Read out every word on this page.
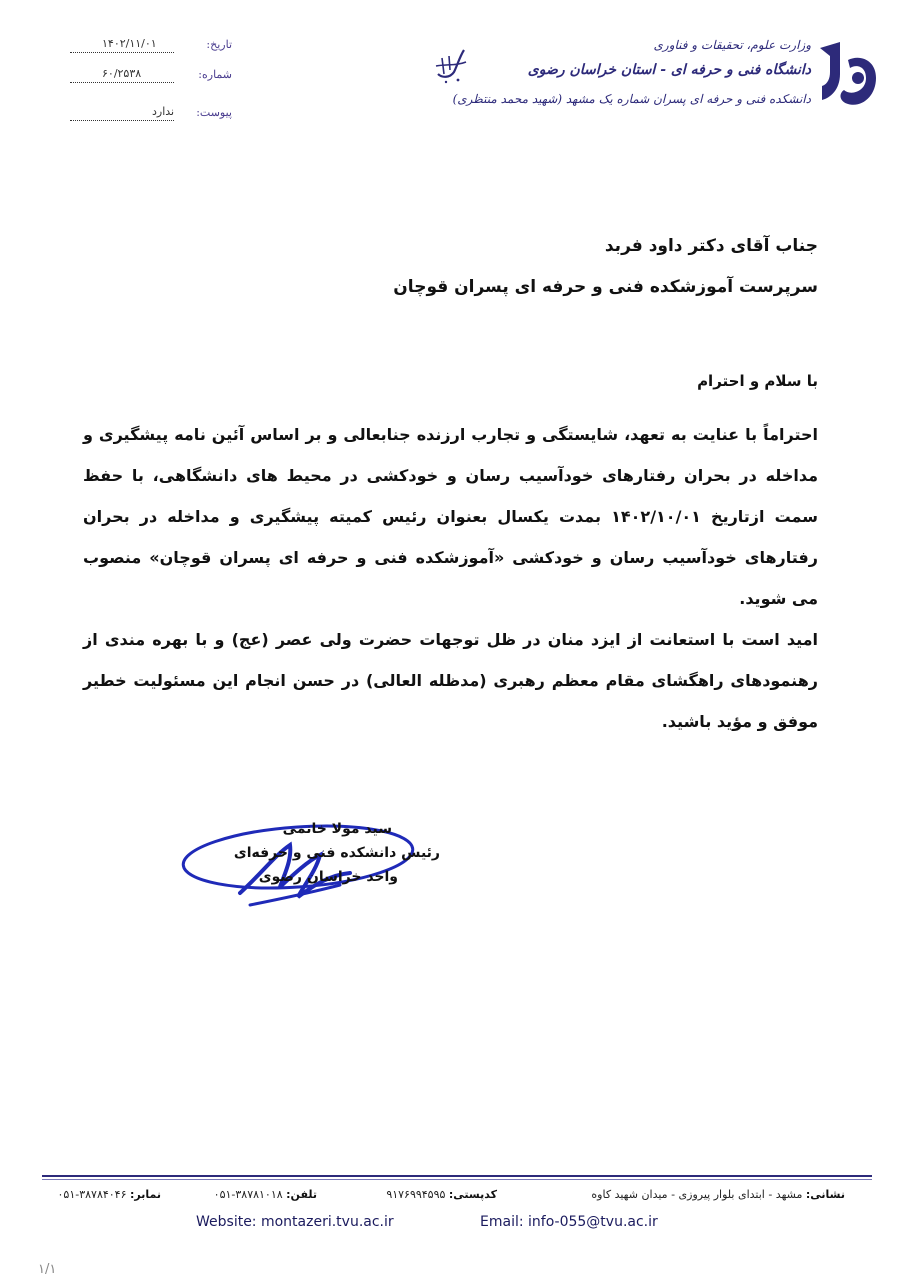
تاریخ:
۱۴۰۲/۱۱/۰۱
شماره:
۶۰/۲۵۳۸
پیوست:
ندارد
وزارت علوم، تحقیقات و فناوری
دانشگاه فنی و حرفه ای - استان خراسان رضوی
دانشکده فنی و حرفه ای پسران شماره یک مشهد (شهید محمد منتظری)
جناب آقای دکتر داود فربد
سرپرست آموزشکده فنی و حرفه ای پسران قوچان
با سلام و احترام
احتراماً با عنایت به تعهد، شایستگی و تجارب ارزنده جنابعالی و بر اساس آئین نامه پیشگیری و مداخله در بحران رفتارهای خودآسیب رسان و خودکشی در محیط های دانشگاهی، با حفظ سمت ازتاریخ ۱۴۰۲/۱۰/۰۱ بمدت یکسال بعنوان رئیس کمیته پیشگیری و مداخله در بحران رفتارهای خودآسیب رسان و خودکشی «آموزشکده فنی و حرفه ای پسران قوچان» منصوب می شوید.
امید است با استعانت از ایزد منان در ظل توجهات حضرت ولی عصر (عج) و با بهره مندی از رهنمودهای راهگشای مقام معظم رهبری (مدظله العالی) در حسن انجام این مسئولیت خطیر موفق و مؤید باشید.
سید مولا خانمی
رئیس دانشکده فنی و حرفه‌ای
واحد خراسان رضوی
نشانی: مشهد - ابتدای بلوار پیروزی - میدان شهید کاوه
کدپستی: ۹۱۷۶۹۹۴۵۹۵
تلفن: ۳۸۷۸۱۰۱۸-۰۵۱
نمابر: ۳۸۷۸۴۰۴۶-۰۵۱
Email: info-055@tvu.ac.ir
Website: montazeri.tvu.ac.ir
۱/۱
